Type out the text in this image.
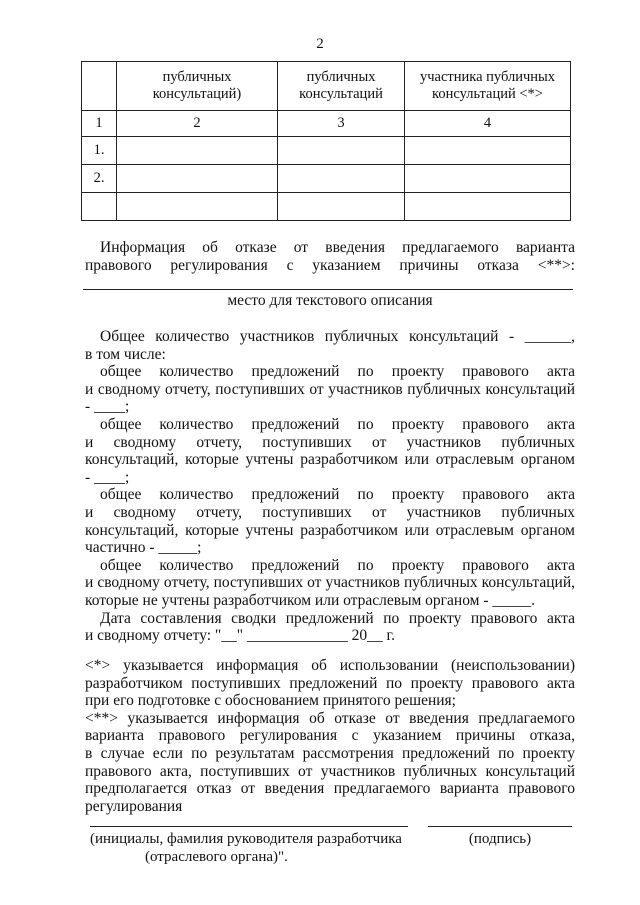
2
	публичных консультаций)	публичных консультаций	участника публичных консультаций <*>
1	2	3	4
1.			
2.			

Информация об отказе от введения предлагаемого варианта

правового регулирования с указанием причины отказа <**>:

место для текстового описания

Общее количество участников публичных консультаций - ______,

в том числе:

общее количество предложений по проекту правового акта

и сводному отчету, поступивших от участников публичных консультаций

- ____;

общее количество предложений по проекту правового акта

и сводному отчету, поступивших от участников публичных

консультаций, которые учтены разработчиком или отраслевым органом

- ____;

общее количество предложений по проекту правового акта

и сводному отчету, поступивших от участников публичных

консультаций, которые учтены разработчиком или отраслевым органом

частично - _____;

общее количество предложений по проекту правового акта

и сводному отчету, поступивших от участников публичных консультаций,

которые не учтены разработчиком или отраслевым органом - _____.

Дата составления сводки предложений по проекту правового акта

и сводному отчету: "__" _____________ 20__ г.

<*> указывается информация об использовании (неиспользовании)

разработчиком поступивших предложений по проекту правового акта

при его подготовке с обоснованием принятого решения;

<**> указывается информация об отказе от введения предлагаемого

варианта правового регулирования с указанием причины отказа,

в случае если по результатам рассмотрения предложений по проекту

правового акта, поступивших от участников публичных консультаций

предполагается отказ от введения предлагаемого варианта правового

регулирования

(инициалы, фамилия руководителя разработчика

(отраслевого органа)".

(подпись)
